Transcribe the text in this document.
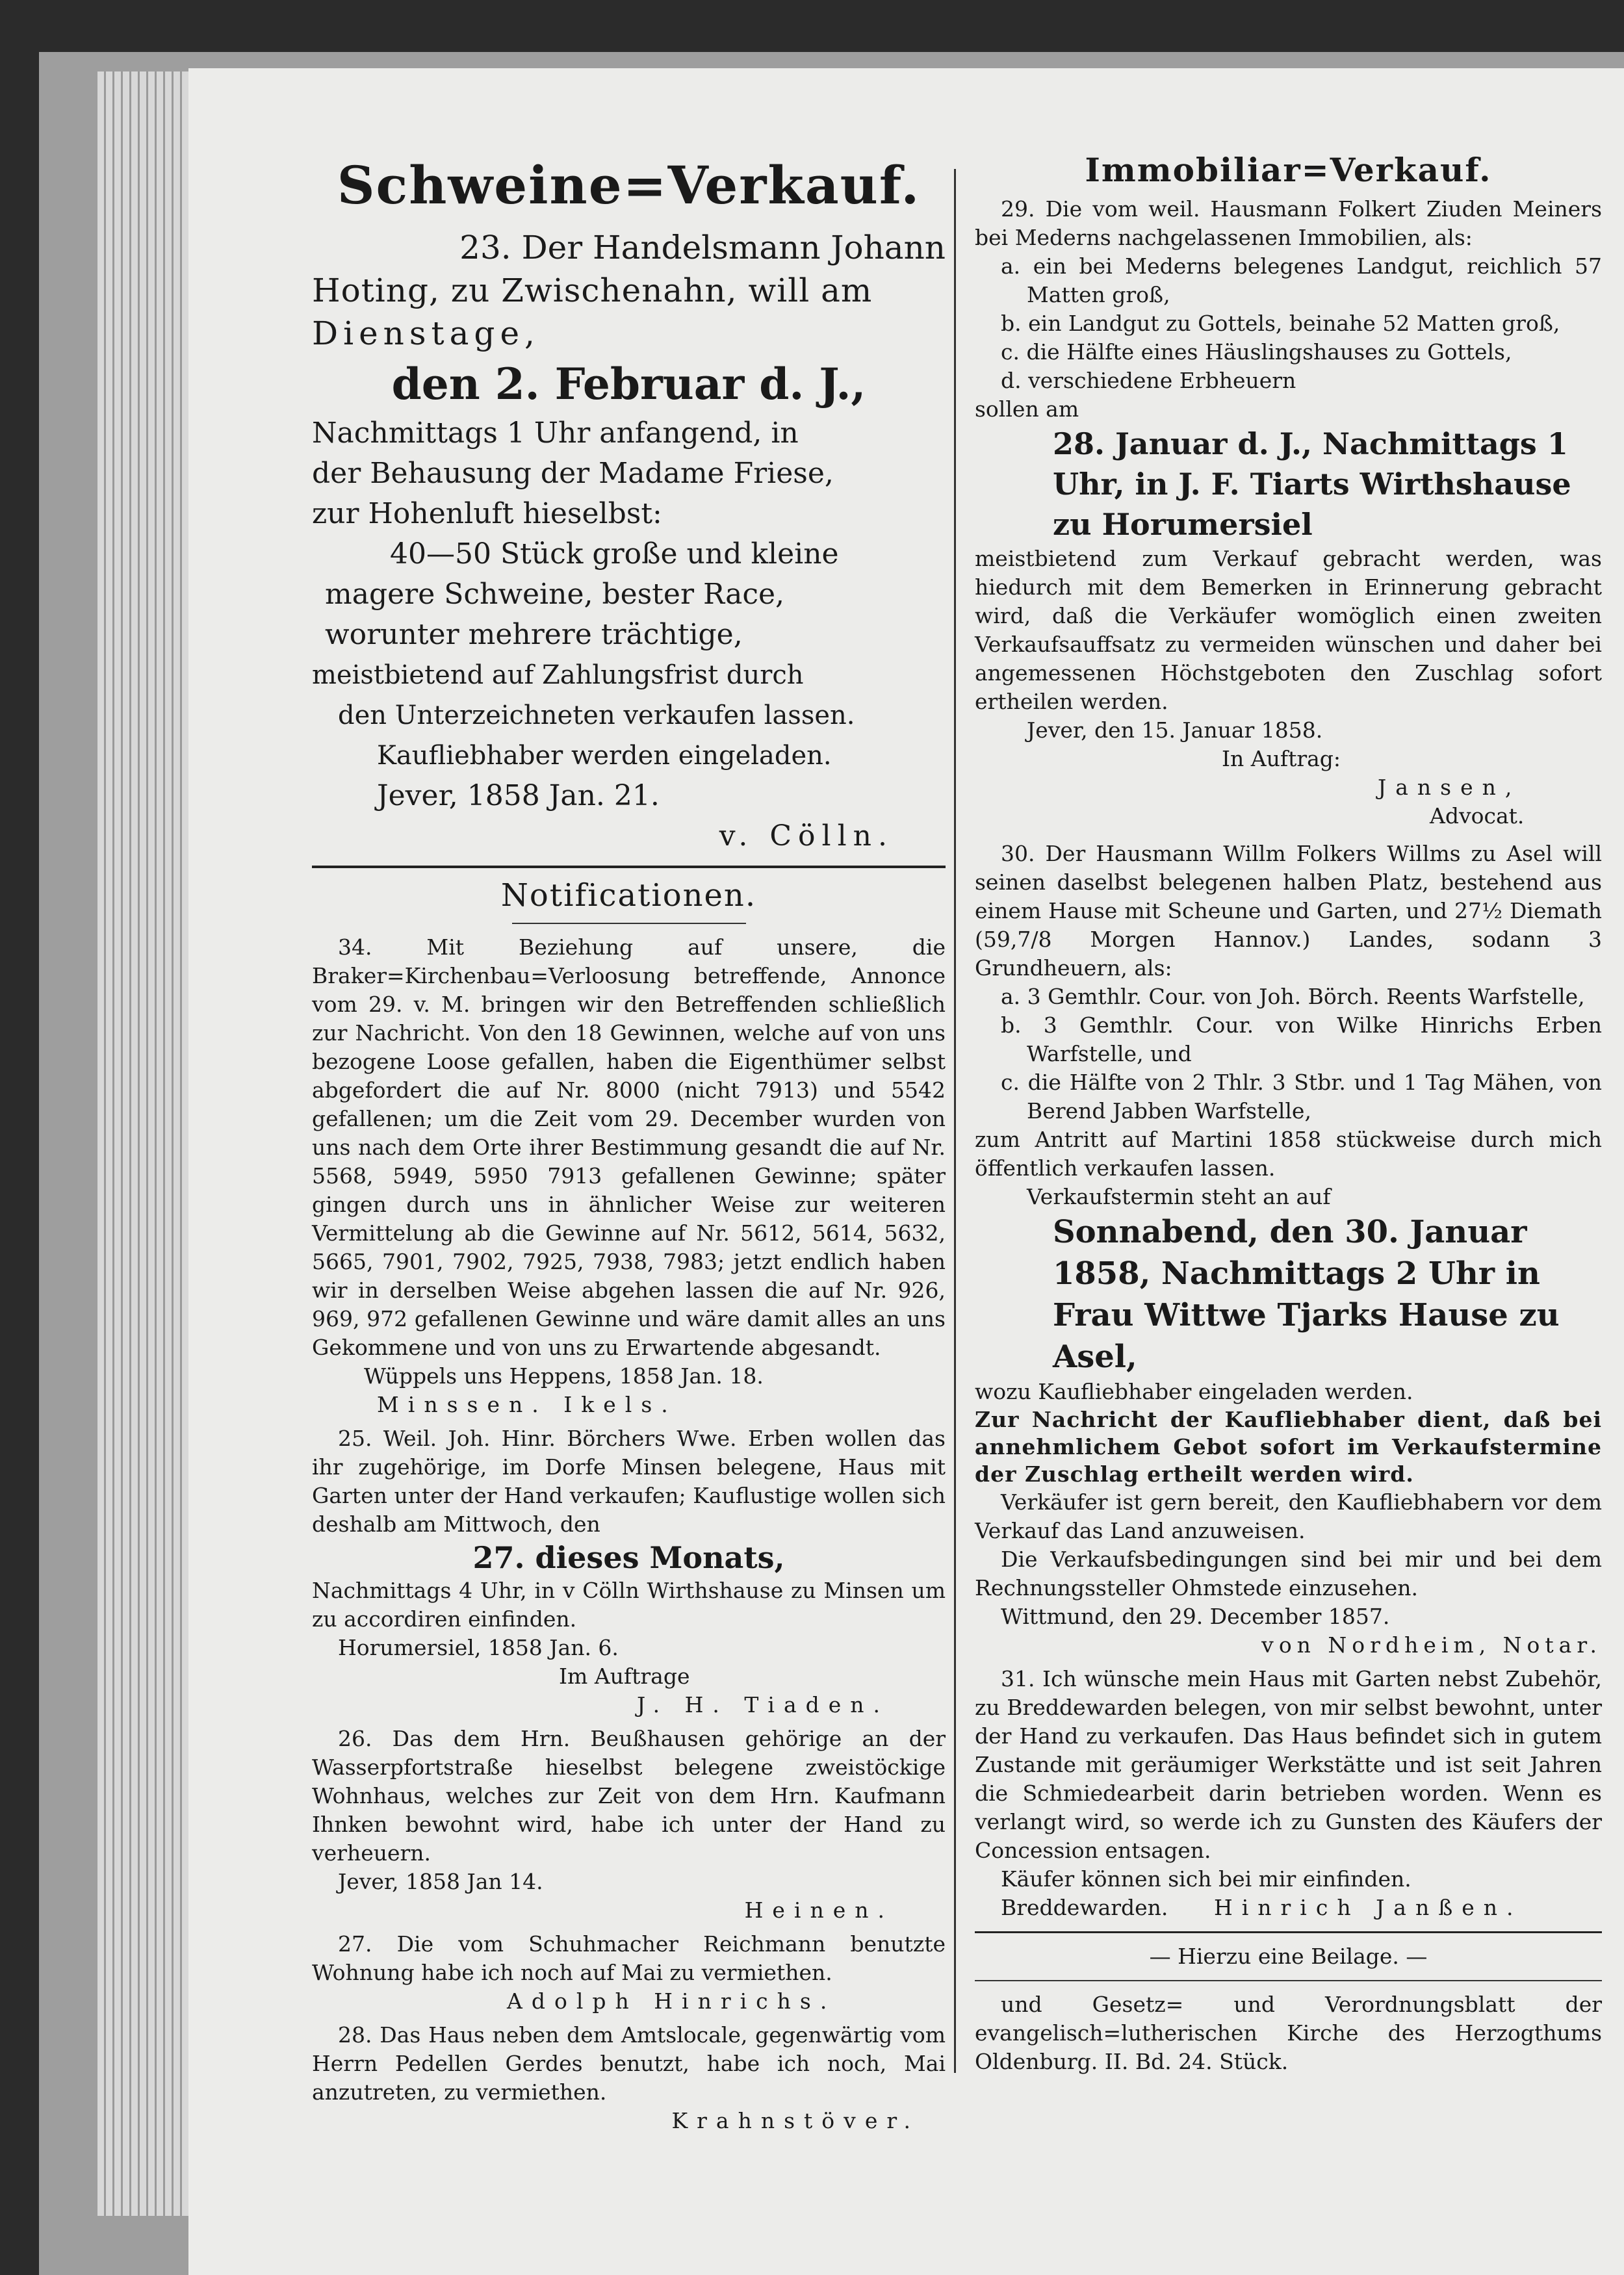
Schweine=Verkauf.

23. Der Handelsmann Johann

Hoting, zu Zwischenahn, will am

Dienstage,

den 2. Februar d. J.,

Nachmittags 1 Uhr anfangend, in

der Behausung der Madame Friese,

zur Hohenluft hieselbst:

40—50 Stück große und kleine

magere Schweine, bester Race,

worunter mehrere trächtige,

meistbietend auf Zahlungsfrist durch

den Unterzeichneten verkaufen lassen.

Kaufliebhaber werden eingeladen.

Jever, 1858 Jan. 21.

v. Cölln.

Notificationen.

34. Mit Beziehung auf unsere, die Braker=Kirchenbau=Verloosung betreffende, Annonce vom 29. v. M. bringen wir den Betreffenden schließlich zur Nachricht. Von den 18 Gewinnen, welche auf von uns bezogene Loose gefallen, haben die Eigenthümer selbst abgefordert die auf Nr. 8000 (nicht 7913) und 5542 gefallenen; um die Zeit vom 29. December wurden von uns nach dem Orte ihrer Bestimmung gesandt die auf Nr. 5568, 5949, 5950 7913 gefallenen Gewinne; später gingen durch uns in ähnlicher Weise zur weiteren Vermittelung ab die Gewinne auf Nr. 5612, 5614, 5632, 5665, 7901, 7902, 7925, 7938, 7983; jetzt endlich haben wir in derselben Weise abgehen lassen die auf Nr. 926, 969, 972 gefallenen Gewinne und wäre damit alles an uns Gekommene und von uns zu Erwartende abgesandt.

Wüppels uns Heppens, 1858 Jan. 18.

Minssen. Ikels.

25. Weil. Joh. Hinr. Börchers Wwe. Erben wollen das ihr zugehörige, im Dorfe Minsen belegene, Haus mit Garten unter der Hand verkaufen; Kauflustige wollen sich deshalb am Mittwoch, den

27. dieses Monats,

Nachmittags 4 Uhr, in v Cölln Wirthshause zu Minsen um zu accordiren einfinden.

Horumersiel, 1858 Jan. 6.

Im Auftrage

J. H. Tiaden.

26. Das dem Hrn. Beußhausen gehörige an der Wasserpfortstraße hieselbst belegene zweistöckige Wohnhaus, welches zur Zeit von dem Hrn. Kaufmann Ihnken bewohnt wird, habe ich unter der Hand zu verheuern.

Jever, 1858 Jan 14.

Heinen.

27. Die vom Schuhmacher Reichmann benutzte Wohnung habe ich noch auf Mai zu vermiethen.

Adolph Hinrichs.

28. Das Haus neben dem Amtslocale, gegenwärtig vom Herrn Pedellen Gerdes benutzt, habe ich noch, Mai anzutreten, zu vermiethen.

Krahnstöver.

Immobiliar=Verkauf.

29. Die vom weil. Hausmann Folkert Ziuden Meiners bei Mederns nachgelassenen Immobilien, als:

a. ein bei Mederns belegenes Landgut, reichlich 57 Matten groß,

b. ein Landgut zu Gottels, beinahe 52 Matten groß,

c. die Hälfte eines Häuslingshauses zu Gottels,

d. verschiedene Erbheuern

sollen am

28. Januar d. J., Nachmittags 1 Uhr, in J. F. Tiarts Wirthshause zu Horumersiel

meistbietend zum Verkauf gebracht werden, was hiedurch mit dem Bemerken in Erinnerung gebracht wird, daß die Verkäufer womöglich einen zweiten Verkaufsauffsatz zu vermeiden wünschen und daher bei angemessenen Höchstgeboten den Zuschlag sofort ertheilen werden.

Jever, den 15. Januar 1858.

In Auftrag:

Jansen,

Advocat.

30. Der Hausmann Willm Folkers Willms zu Asel will seinen daselbst belegenen halben Platz, bestehend aus einem Hause mit Scheune und Garten, und 27½ Diemath (59,7/8 Morgen Hannov.) Landes, sodann 3 Grundheuern, als:

a. 3 Gemthlr. Cour. von Joh. Börch. Reents Warfstelle,

b. 3 Gemthlr. Cour. von Wilke Hinrichs Erben Warfstelle, und

c. die Hälfte von 2 Thlr. 3 Stbr. und 1 Tag Mähen, von Berend Jabben Warfstelle,

zum Antritt auf Martini 1858 stückweise durch mich öffentlich verkaufen lassen.

Verkaufstermin steht an auf

Sonnabend, den 30. Januar 1858, Nachmittags 2 Uhr in Frau Wittwe Tjarks Hause zu Asel,

wozu Kaufliebhaber eingeladen werden.

Zur Nachricht der Kaufliebhaber dient, daß bei annehmlichem Gebot sofort im Verkaufstermine der Zuschlag ertheilt werden wird.

Verkäufer ist gern bereit, den Kaufliebhabern vor dem Verkauf das Land anzuweisen.

Die Verkaufsbedingungen sind bei mir und bei dem Rechnungssteller Ohmstede einzusehen.

Wittmund, den 29. December 1857.

von Nordheim, Notar.

31. Ich wünsche mein Haus mit Garten nebst Zubehör, zu Breddewarden belegen, von mir selbst bewohnt, unter der Hand zu verkaufen. Das Haus befindet sich in gutem Zustande mit geräumiger Werkstätte und ist seit Jahren die Schmiedearbeit darin betrieben worden. Wenn es verlangt wird, so werde ich zu Gunsten des Käufers der Concession entsagen.

Käufer können sich bei mir einfinden.

Breddewarden. Hinrich Janßen.

— Hierzu eine Beilage. —

und Gesetz= und Verordnungsblatt der evangelisch=lutherischen Kirche des Herzogthums Oldenburg. II. Bd. 24. Stück.
